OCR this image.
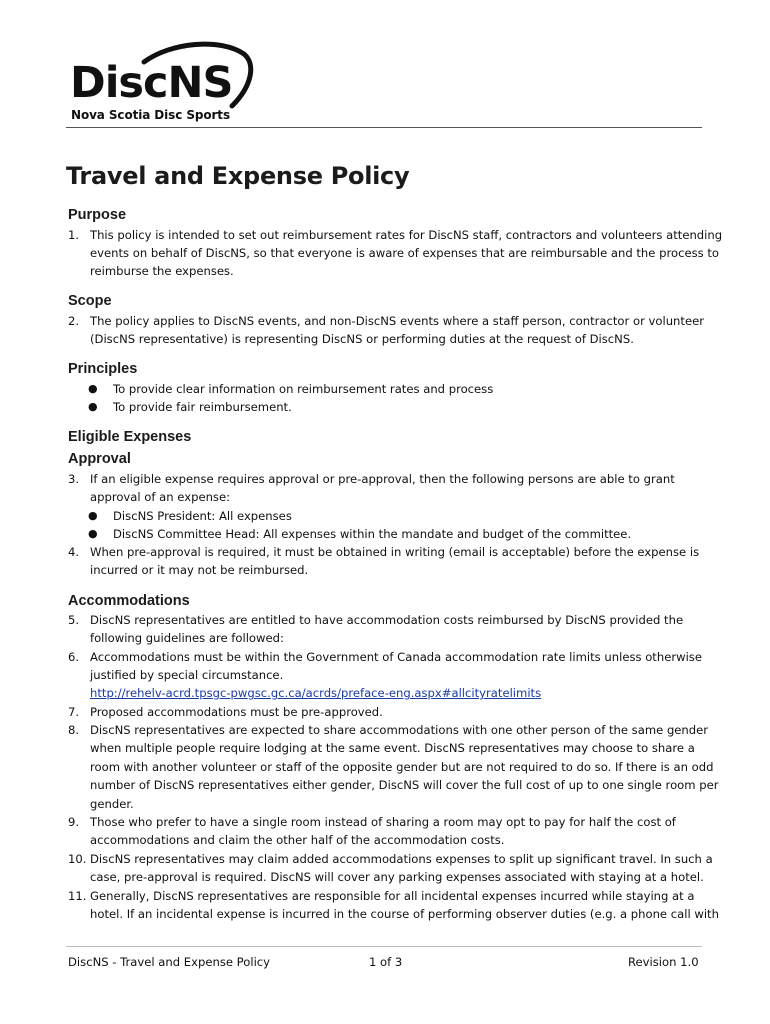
DiscNS
Nova Scotia Disc Sports
Travel and Expense Policy
Purpose
1. This policy is intended to set out reimbursement rates for DiscNS staff, contractors and volunteers attending
events on behalf of DiscNS, so that everyone is aware of expenses that are reimbursable and the process to
reimburse the expenses.
Scope
2. The policy applies to DiscNS events, and non-DiscNS events where a staff person, contractor or volunteer
(DiscNS representative) is representing DiscNS or performing duties at the request of DiscNS.
Principles
● To provide clear information on reimbursement rates and process
● To provide fair reimbursement.
Eligible Expenses
Approval
3. If an eligible expense requires approval or pre-approval, then the following persons are able to grant
approval of an expense:
● DiscNS President: All expenses
● DiscNS Committee Head: All expenses within the mandate and budget of the committee.
4. When pre-approval is required, it must be obtained in writing (email is acceptable) before the expense is
incurred or it may not be reimbursed.
Accommodations
5. DiscNS representatives are entitled to have accommodation costs reimbursed by DiscNS provided the
following guidelines are followed:
6. Accommodations must be within the Government of Canada accommodation rate limits unless otherwise
justified by special circumstance.
http://rehelv-acrd.tpsgc-pwgsc.gc.ca/acrds/preface-eng.aspx#allcityratelimits
7. Proposed accommodations must be pre-approved.
8. DiscNS representatives are expected to share accommodations with one other person of the same gender
when multiple people require lodging at the same event. DiscNS representatives may choose to share a
room with another volunteer or staff of the opposite gender but are not required to do so. If there is an odd
number of DiscNS representatives either gender, DiscNS will cover the full cost of up to one single room per
gender.
9. Those who prefer to have a single room instead of sharing a room may opt to pay for half the cost of
accommodations and claim the other half of the accommodation costs.
10. DiscNS representatives may claim added accommodations expenses to split up significant travel. In such a
case, pre-approval is required. DiscNS will cover any parking expenses associated with staying at a hotel.
11. Generally, DiscNS representatives are responsible for all incidental expenses incurred while staying at a
hotel. If an incidental expense is incurred in the course of performing observer duties (e.g. a phone call with
DiscNS - Travel and Expense Policy	1 of 3	Revision 1.0
